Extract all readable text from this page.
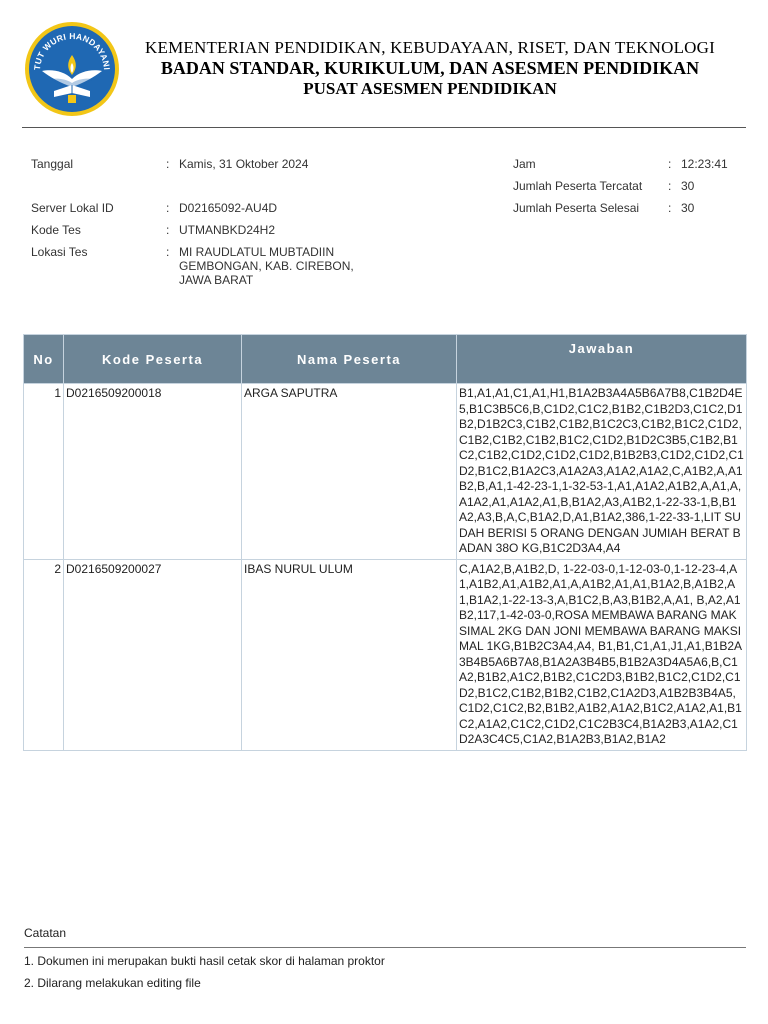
TUT WURI HANDAYANI
KEMENTERIAN PENDIDIKAN, KEBUDAYAAN, RISET, DAN TEKNOLOGI
BADAN STANDAR, KURIKULUM, DAN ASESMEN PENDIDIKAN
PUSAT ASESMEN PENDIDIKAN
Tanggal	: Kamis, 31 Oktober 2024
Server Lokal ID	: D02165092-AU4D
Kode Tes	: UTMANBKD24H2
Lokasi Tes	: MI RAUDLATUL MUBTADIIN
GEMBONGAN, KAB. CIREBON,
JAWA BARAT
Jam	: 12:23:41
Jumlah Peserta Tercatat : 30
Jumlah Peserta Selesai : 30
No	Kode Peserta	Nama Peserta	Jawaban
1	D0216509200018	ARGA SAPUTRA	B1,A1,A1,C1,A1,H1,B1A2B3A4A5B6A7B8,C1B2D4E5,B1C3B5C6,B,C1D2,C1C2,B1B2,C1B2D3,C1C2,D1B2,D1B2C3,C1B2,C1B2,B1C2C3,C1B2,B1C2,C1D2,C1B2,C1B2,C1B2,B1C2,C1D2,B1D2C3B5,C1B2,B1C2,C1B2,C1D2,C1D2,C1D2,B1B2B3,C1D2,C1D2,C1D2,B1C2,B1A2C3,A1A2A3,A1A2,A1A2,C,A1B2,A,A1B2,B,A1,1-42-23-1,1-32-53-1,A1,A1A2,A1B2,A,A1,A,A1A2,A1,A1A2,A1,B,B1A2,A3,A1B2,1-22-33-1,B,B1A2,A3,B,A,C,B1A2,D,A1,B1A2,386,1-22-33-1,LIT SUDAH BERISI 5 ORANG DENGAN JUMIAH BERAT BADAN 38O KG,B1C2D3A4,A4
2	D0216509200027	IBAS NURUL ULUM	C,A1A2,B,A1B2,D, 1-22-03-0,1-12-03-0,1-12-23-4,A1,A1B2,A1,A1B2,A1,A,A1B2,A1,A1,B1A2,B,A1B2,A1,B1A2,1-22-13-3,A,B1C2,B,A3,B1B2,A,A1, B,A2,A1B2,117,1-42-03-0,ROSA MEMBAWA BARANG MAKSIMAL 2KG DAN JONI MEMBAWA BARANG MAKSIMAL 1KG,B1B2C3A4,A4, B1,B1,C1,A1,J1,A1,B1B2A3B4B5A6B7A8,B1A2A3B4B5,B1B2A3D4A5A6,B,C1A2,B1B2,A1C2,B1B2,C1C2D3,B1B2,B1C2,C1D2,C1D2,B1C2,C1B2,B1B2,C1B2,C1A2D3,A1B2B3B4A5,C1D2,C1C2,B2,B1B2,A1B2,A1A2,B1C2,A1A2,A1,B1C2,A1A2,C1C2,C1D2,C1C2B3C4,B1A2B3,A1A2,C1D2A3C4C5,C1A2,B1A2B3,B1A2,B1A2
Catatan
1. Dokumen ini merupakan bukti hasil cetak skor di halaman proktor
2. Dilarang melakukan editing file
